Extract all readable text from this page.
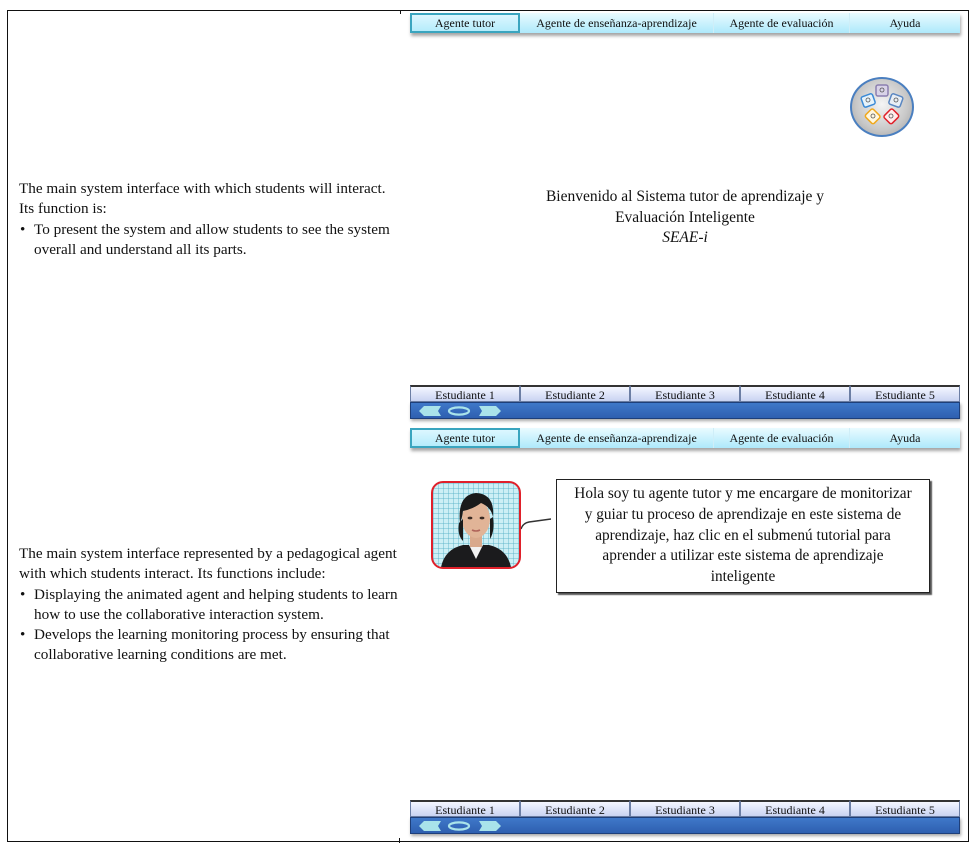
The main system interface with which students will interact. Its function is:

• To present the system and allow students to see the system overall and understand all its parts.
Agente tutor	Agente de enseñanza-aprendizaje	Agente de evaluación	Ayuda
Bienvenido al Sistema tutor de aprendizaje y
Evaluación Inteligente
SEAE-i
Estudiante 1	Estudiante 2	Estudiante 3	Estudiante 4	Estudiante 5

The main system interface represented by a pedagogical agent with which students interact. Its functions include:

• Displaying the animated agent and helping students to learn how to use the collaborative interaction system.
• Develops the learning monitoring process by ensuring that collaborative learning conditions are met.
Agente tutor	Agente de enseñanza-aprendizaje	Agente de evaluación	Ayuda
Hola soy tu agente tutor y me encargare de monitorizar y guiar tu proceso de aprendizaje en este sistema de aprendizaje, haz clic en el submenú tutorial para aprender a utilizar este sistema de aprendizaje inteligente
Estudiante 1	Estudiante 2	Estudiante 3	Estudiante 4	Estudiante 5
